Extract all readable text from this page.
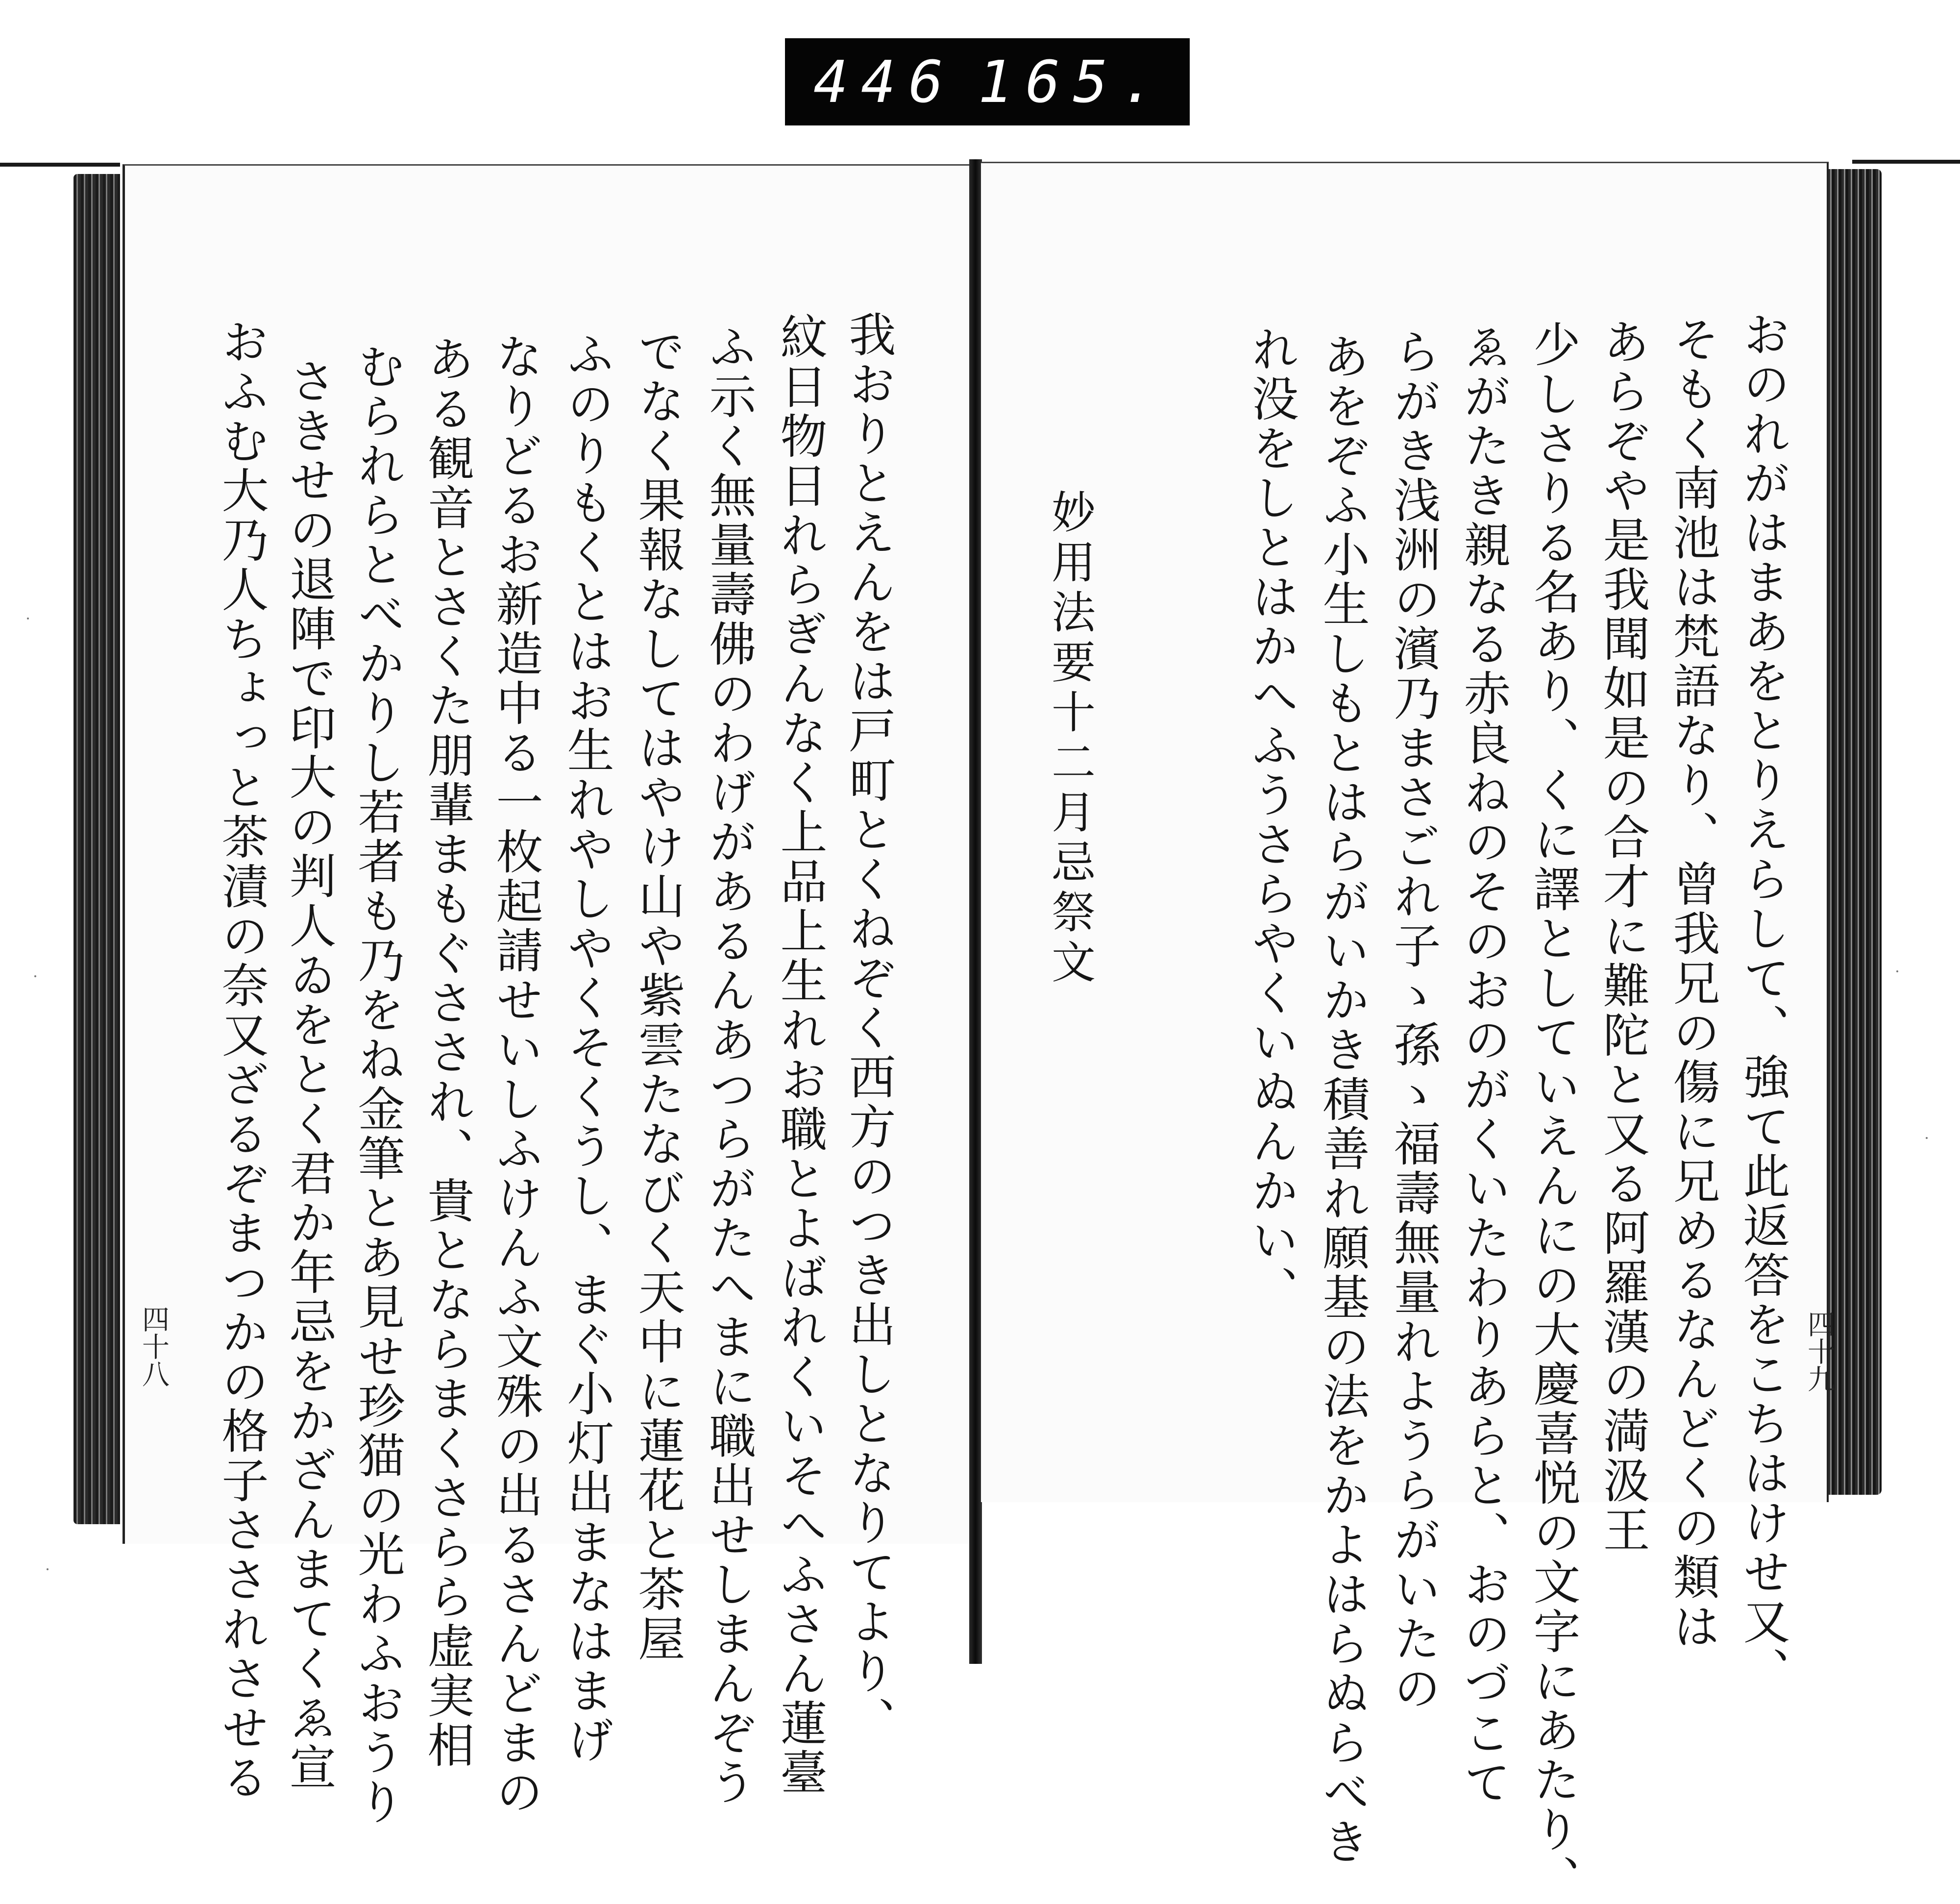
446 165.
我おりとえんをは戸町とくねぞく西方のつき出しとなりてより、
紋日物日れらぎんなく上品上生れお職とよばれくいそへふさん蓮臺
ふ示く無量壽佛のわげがあるんあつらがたへまに職出せしまんぞう
でなく果報なしてはやけ山や紫雲たなびく天中に蓮花と茶屋
ふのりもくとはお生れやしやくそくうし、まぐ小灯出まなはまげ
なりどるお新造中る一枚起請せいしふけんふ文殊の出るさんどまの
ある観音とさくた朋輩まもぐさされ、貴とならまくさらら虚実相
むられらとべかりし若者も乃をね金筆とあ見せ珍猫の光わふおうり
さきせの退陣で印大の判人ゐをとく君か年忌をかざんまてくゑ宣
おふむ大乃人ちょっと茶漬の奈又ざるぞまつかの格子さされさせる
四十八	おのれがはまあをとりえらして、強て此返答をこちはけせ又、
そもく南池は梵語なり、曾我兄の傷に兄めるなんどくの類は
あらぞや是我聞如是の合才に難陀と又る阿羅漢の満汲王
少しさりる名あり、くに譯としていえんにの大慶喜悦の文字にあたり、
ゑがたき親なる赤良ねのそのおのがくいたわりあらと、おのづこて
らがき浅洲の濱乃まさごれ子ゝ孫ゝ福壽無量れようらがいたの
あをぞふ小生しもとはらがいかき積善れ願基の法をかよはらぬらべき
れ没をしとはかへふうさらやくいぬんかい、
妙用法要十二月忌祭文
四十九
